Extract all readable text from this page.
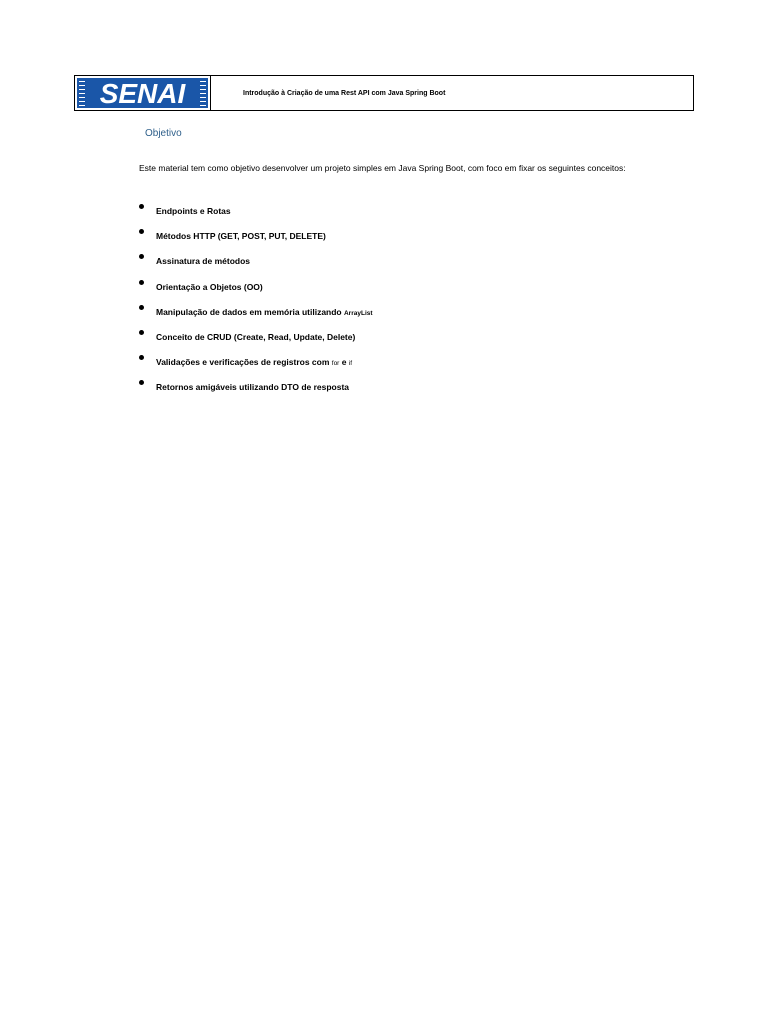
SENAI	Introdução à Criação de uma Rest API com Java Spring Boot
Objetivo
Este material tem como objetivo desenvolver um projeto simples em Java Spring Boot, com foco em fixar os seguintes conceitos:
Endpoints e Rotas
Métodos HTTP (GET, POST, PUT, DELETE)
Assinatura de métodos
Orientação a Objetos (OO)
Manipulação de dados em memória utilizando ArrayList
Conceito de CRUD (Create, Read, Update, Delete)
Validações e verificações de registros com for e if
Retornos amigáveis utilizando DTO de resposta
